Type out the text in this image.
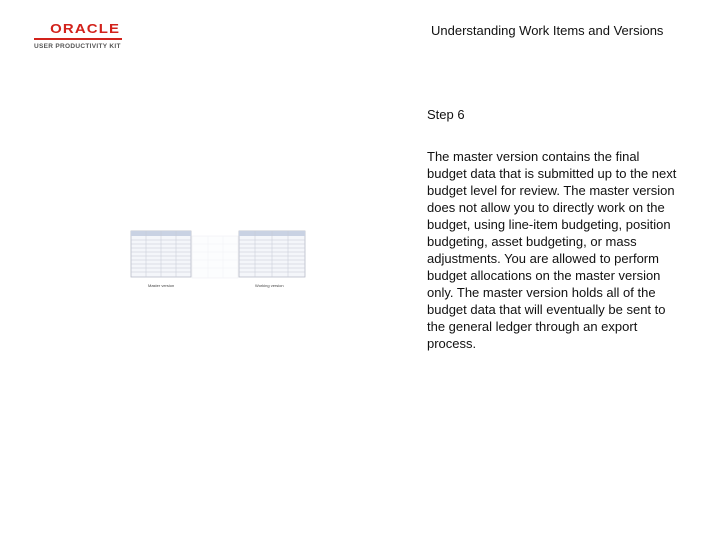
ORACLE
USER PRODUCTIVITY KIT
Understanding Work Items and Versions
Step 6

The master version contains the final budget data that is submitted up to the next budget level for review. The master version does not allow you to directly work on the budget, using line-item budgeting, position budgeting, asset budgeting, or mass adjustments. You are allowed to perform budget allocations on the master version only. The master version holds all of the budget data that will eventually be sent to the general ledger through an export process.

Master version	Working version
